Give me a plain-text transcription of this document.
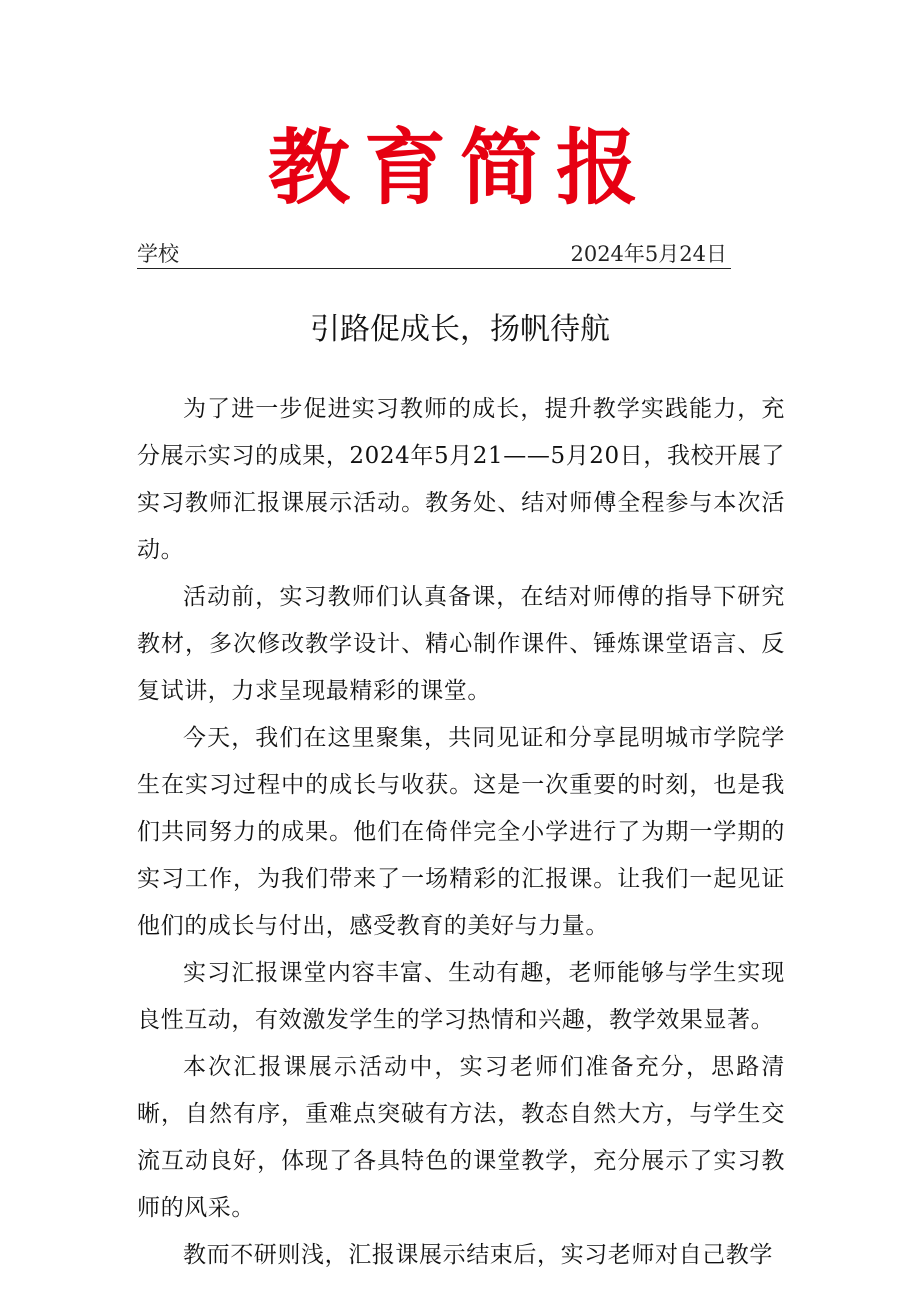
教育简报
学校	2024年5月24日
引路促成长，扬帆待航

为了进一步促进实习教师的成长，提升教学实践能力，充分展示实习的成果，2024年5月21——5月20日，我校开展了实习教师汇报课展示活动。教务处、结对师傅全程参与本次活动。

活动前，实习教师们认真备课，在结对师傅的指导下研究教材，多次修改教学设计、精心制作课件、锤炼课堂语言、反复试讲，力求呈现最精彩的课堂。

今天，我们在这里聚集，共同见证和分享昆明城市学院学生在实习过程中的成长与收获。这是一次重要的时刻，也是我们共同努力的成果。他们在倚伴完全小学进行了为期一学期的实习工作，为我们带来了一场精彩的汇报课。让我们一起见证他们的成长与付出，感受教育的美好与力量。

实习汇报课堂内容丰富、生动有趣，老师能够与学生实现良性互动，有效激发学生的学习热情和兴趣，教学效果显著。

本次汇报课展示活动中，实习老师们准备充分，思路清晰，自然有序，重难点突破有方法，教态自然大方，与学生交流互动良好，体现了各具特色的课堂教学，充分展示了实习教师的风采。

教而不研则浅，汇报课展示结束后，实习老师对自己教学
